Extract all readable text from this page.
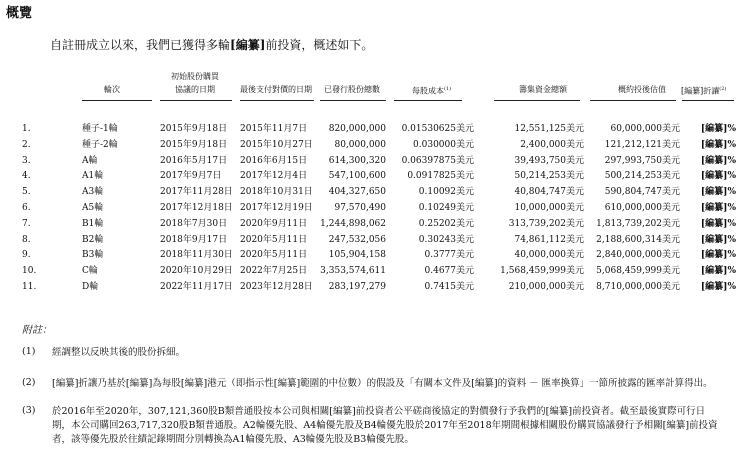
概覽
自註冊成立以來，我們已獲得多輪[編纂]前投資，概述如下。
輪次
初始股份購買
協議的日期	最後支付對價的日期	已發行股份總數	每股成本$^{(1)}$	籌集資金總額	概約投後估值	[編纂]折讓$^{(2)}$
1.	種子-1輪	2015年9月18日	2015年11月7日	820,000,000	0.01530625美元	12,551,125美元	60,000,000美元	[編纂]%
2.	種子-2輪	2015年9月18日	2015年10月27日	80,000,000	0.030000美元	2,400,000美元	121,212,121美元	[編纂]%
3.	A輪	2016年5月17日	2016年6月15日	614,300,320	0.06397875美元	39,493,750美元	297,993,750美元	[編纂]%
4.	A1輪	2017年9月7日	2017年12月4日	547,100,600	0.0917825美元	50,214,253美元	500,214,253美元	[編纂]%
5.	A3輪	2017年11月28日 2018年10月31日	404,327,650	0.10092美元	40,804,747美元	590,804,747美元	[編纂]%
6.	A5輪	2017年12月18日 2017年12月19日	97,570,490	0.10249美元	10,000,000美元	610,000,000美元	[編纂]%
7.	B1輪	2018年7月30日	2020年9月11日	1,244,898,062	0.25202美元	313,739,202美元	1,813,739,202美元	[編纂]%
8.	B2輪	2018年9月17日	2020年5月11日	247,532,056	0.30243美元	74,861,112美元	2,188,600,314美元	[編纂]%
9.	B3輪	2018年11月30日 2020年5月11日	105,904,158	0.3777美元	40,000,000美元	2,840,000,000美元	[編纂]%
10.	C輪	2020年10月29日 2022年7月25日	3,353,574,611	0.4677美元	1,568,459,999美元	5,068,459,999美元	[編纂]%
11.	D輪	2022年11月17日 2023年12月28日	283,197,279	0.7415美元	210,000,000美元	8,710,000,000美元	[編纂]%
附註：
(1) 經調整以反映其後的股份拆細。
(2) [編纂]折讓乃基於[編纂]為每股[編纂]港元（即指示性[編纂]範圍的中位數）的假設及「有關本文件及[編纂]的資料 － 匯率換算」一節所披露的匯率計算得出。
(3) 於2016年至2020年，307,121,360股B類普通股按本公司與相關[編纂]前投資者公平磋商後協定的對價發行予我們的[編纂]前投資者。截至最後實際可行日
期，本公司購回263,717,320股B類普通股。A2輪優先股、A4輪優先股及B4輪優先股於2017年至2018年期間根據相關股份購買協議發行予相關[編纂]前投資
者，該等優先股於往績記錄期間分別轉換為A1輪優先股、A3輪優先股及B3輪優先股。
